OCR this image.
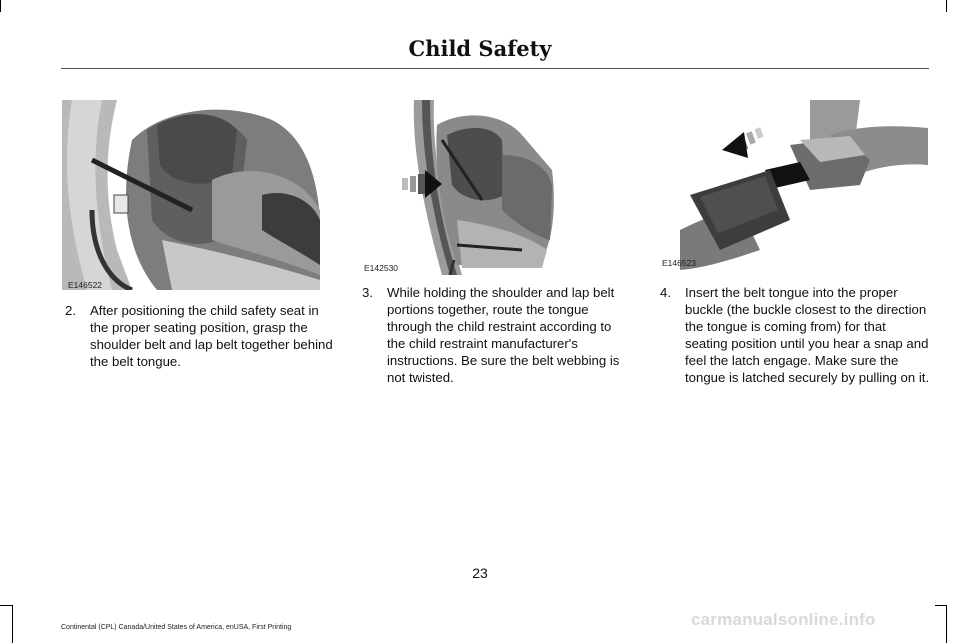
Child Safety
E146522
E142530	E146523
2.	After positioning the child safety seat in the proper seating position, grasp the shoulder belt and lap belt together behind the belt tongue.
3.	While holding the shoulder and lap belt portions together, route the tongue through the child restraint according to the child restraint manufacturer's instructions. Be sure the belt webbing is not twisted.
4.	Insert the belt tongue into the proper buckle (the buckle closest to the direction the tongue is coming from) for that seating position until you hear a snap and feel the latch engage. Make sure the tongue is latched securely by pulling on it.
23
Continental (CPL) Canada/United States of America, enUSA, First Printing	carmanualsonline.info
